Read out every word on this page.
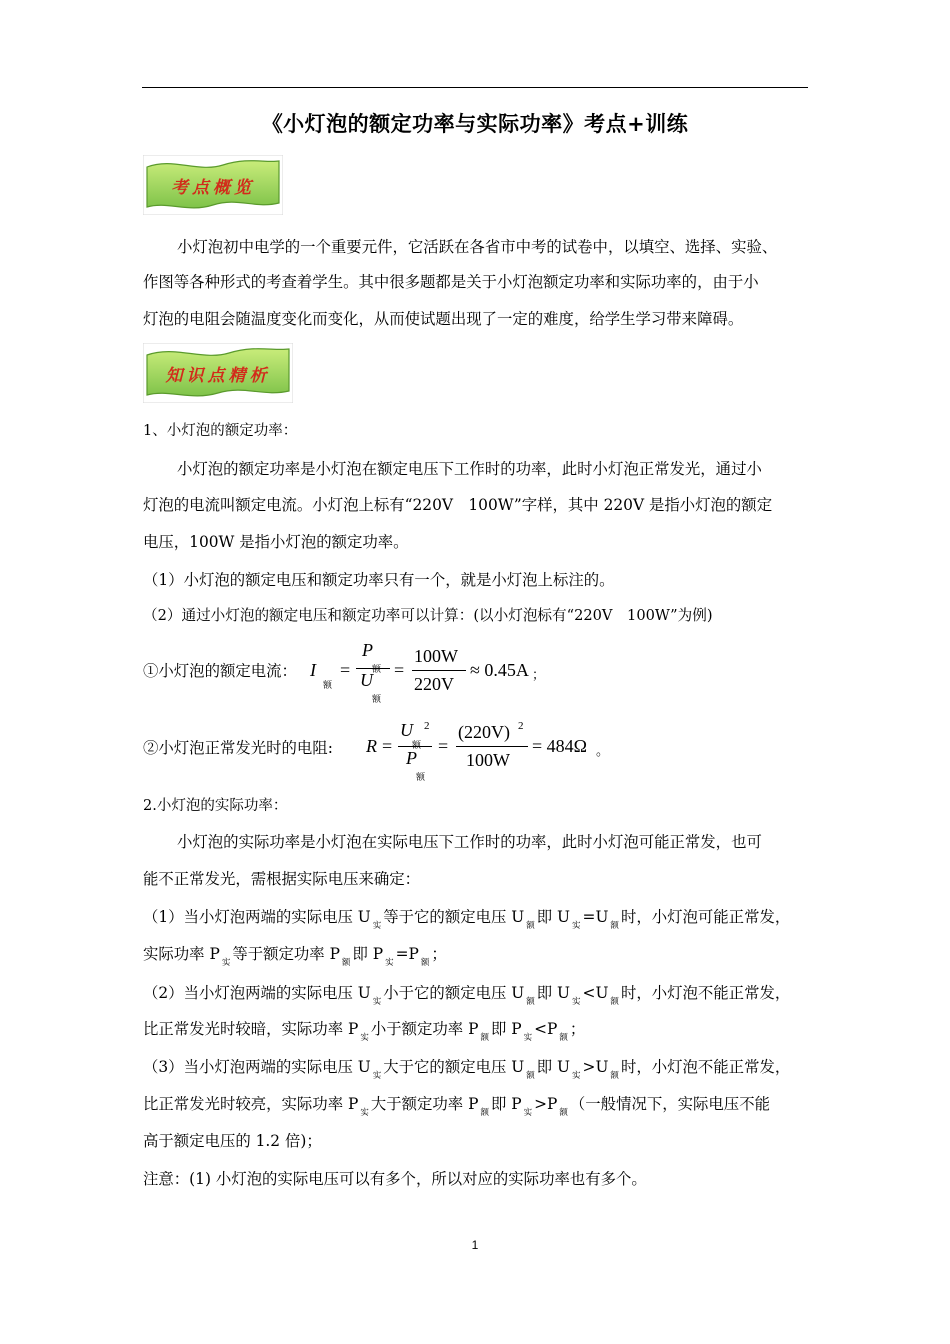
《小灯泡的额定功率与实际功率》考点+训练
考点概览
小灯泡初中电学的一个重要元件，它活跃在各省市中考的试卷中，以填空、选择、实验、
作图等各种形式的考查着学生。其中很多题都是关于小灯泡额定功率和实际功率的，由于小
灯泡的电阻会随温度变化而变化，从而使试题出现了一定的难度，给学生学习带来障碍。
知识点精析
1、小灯泡的额定功率：
小灯泡的额定功率是小灯泡在额定电压下工作时的功率，此时小灯泡正常发光，通过小
灯泡的电流叫额定电流。小灯泡上标有“220V　100W”字样，其中 220V 是指小灯泡的额定
电压，100W 是指小灯泡的额定功率。
（1）小灯泡的额定电压和额定功率只有一个，就是小灯泡上标注的。
（2）通过小灯泡的额定电压和额定功率可以计算：(以小灯泡标有“220V　100W”为例)
①小灯泡的额定电流： I
额
=
P
额
U
额
=
100W
220V
≈ 0.45A ；
②小灯泡正常发光时的电阻: R =
U 2
额
P
额
=
(220V) 2
100W
= 484Ω 。
2.小灯泡的实际功率：
小灯泡的实际功率是小灯泡在实际电压下工作时的功率，此时小灯泡可能正常发，也可
能不正常发光，需根据实际电压来确定：
（1）当小灯泡两端的实际电压 U $_实$ 等于它的额定电压 U $_额$ 即 U $_实$ =U $_额$ 时，小灯泡可能正常发，
实际功率 P $_实$ 等于额定功率 P $_额$ 即 P $_实$ =P $_额$ ；
（2）当小灯泡两端的实际电压 U $_实$ 小于它的额定电压 U $_额$ 即 U $_实$ <U $_额$ 时，小灯泡不能正常发，
比正常发光时较暗，实际功率 P $_实$ 小于额定功率 P $_额$ 即 P $_实$ <P $_额$ ；
（3）当小灯泡两端的实际电压 U $_实$ 大于它的额定电压 U $_额$ 即 U $_实$ >U $_额$ 时，小灯泡不能正常发，
比正常发光时较亮，实际功率 P $_实$ 大于额定功率 P $_额$ 即 P $_实$ >P $_额$ （一般情况下，实际电压不能
高于额定电压的 1.2 倍)；
注意：(1) 小灯泡的实际电压可以有多个，所以对应的实际功率也有多个。
1
